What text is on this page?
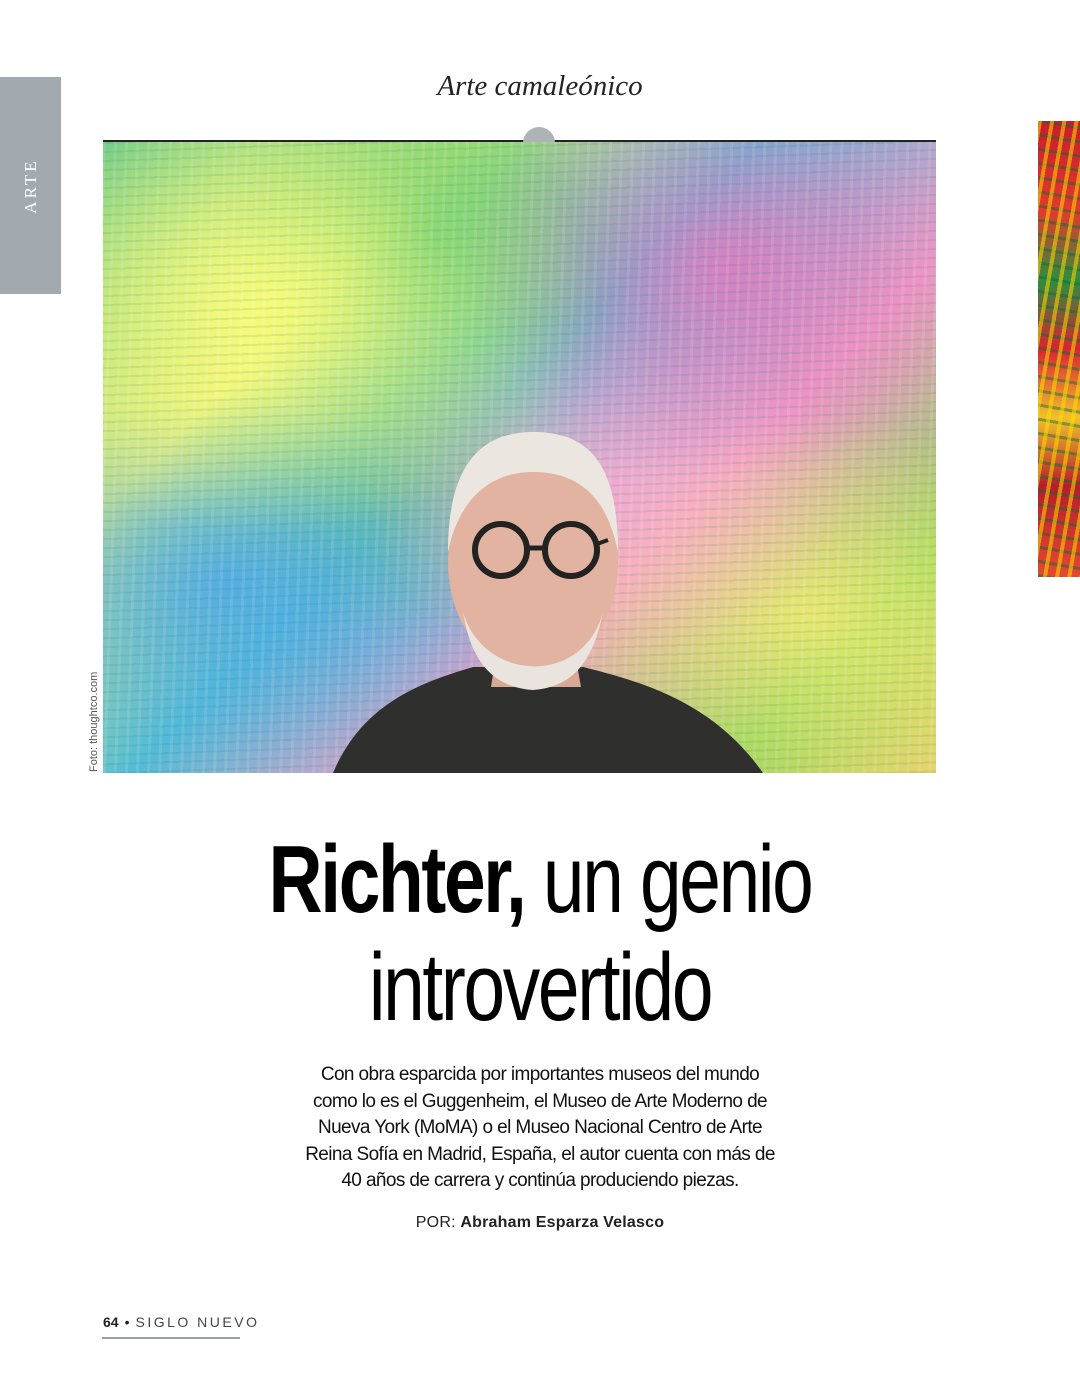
ARTE
Arte camaleónico
Foto: thoughtco.com
Richter, un genio
introvertido
Con obra esparcida por importantes museos del mundo
como lo es el Guggenheim, el Museo de Arte Moderno de
Nueva York (MoMA) o el Museo Nacional Centro de Arte
Reina Sofía en Madrid, España, el autor cuenta con más de
40 años de carrera y continúa produciendo piezas.
POR: Abraham Esparza Velasco
64 • SIGLO NUEVO
